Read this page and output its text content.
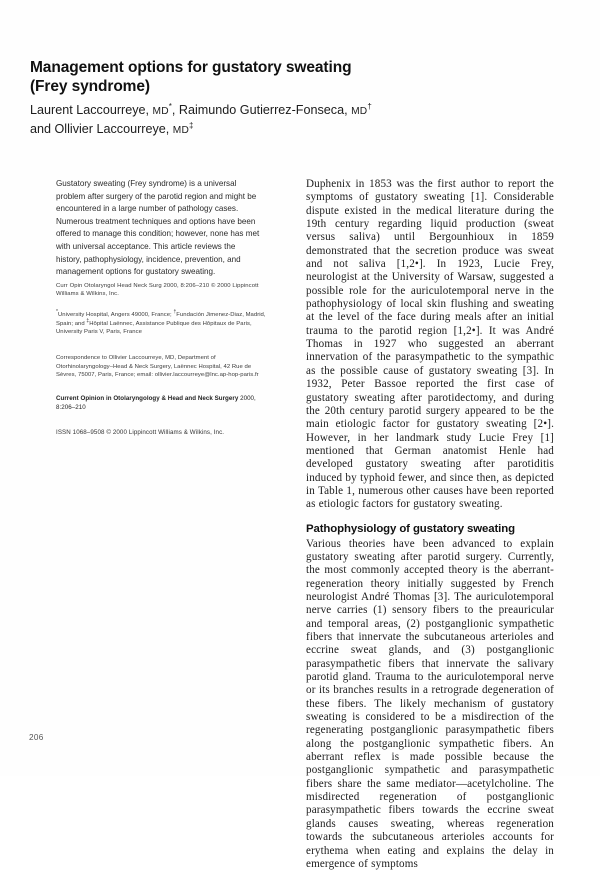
Management options for gustatory sweating
(Frey syndrome)

Laurent Laccourreye, MD*, Raimundo Gutierrez-Fonseca, MD†
and Ollivier Laccourreye, MD‡

Gustatory sweating (Frey syndrome) is a universal problem after surgery of the parotid region and might be encountered in a large number of pathology cases. Numerous treatment techniques and options have been offered to manage this condition; however, none has met with universal acceptance. This article reviews the history, pathophysiology, incidence, prevention, and management options for gustatory sweating.

Curr Opin Otolaryngol Head Neck Surg 2000, 8:206–210 © 2000 Lippincott Williams & Wilkins, Inc.

*University Hospital, Angers 49000, France; †Fundación Jimenez-Diaz, Madrid, Spain; and ‡Hôpital Laënnec, Assistance Publique des Hôpitaux de Paris, University Paris V, Paris, France

Correspondence to Ollivier Laccourreye, MD, Department of Otorhinolaryngology–Head & Neck Surgery, Laënnec Hospital, 42 Rue de Sèvres, 75007, Paris, France; email: ollivier.laccourreye@lnc.ap-hop-paris.fr

Current Opinion in Otolaryngology & Head and Neck Surgery 2000, 8:206–210

ISSN 1068–9508 © 2000 Lippincott Williams & Wilkins, Inc.

Duphenix in 1853 was the first author to report the symptoms of gustatory sweating [1]. Considerable dispute existed in the medical literature during the 19th century regarding liquid production (sweat versus saliva) until Bergounhioux in 1859 demonstrated that the secretion produce was sweat and not saliva [1,2•]. In 1923, Lucie Frey, neurologist at the University of Warsaw, suggested a possible role for the auriculotemporal nerve in the pathophysiology of local skin flushing and sweating at the level of the face during meals after an initial trauma to the parotid region [1,2•]. It was André Thomas in 1927 who suggested an aberrant innervation of the parasympathetic to the sympathic as the possible cause of gustatory sweating [3]. In 1932, Peter Bassoe reported the first case of gustatory sweating after parotidectomy, and during the 20th century parotid surgery appeared to be the main etiologic factor for gustatory sweating [2•]. However, in her landmark study Lucie Frey [1] mentioned that German anatomist Henle had developed gustatory sweating after parotiditis induced by typhoid fewer, and since then, as depicted in Table 1, numerous other causes have been reported as etiologic factors for gustatory sweating.

Pathophysiology of gustatory sweating

Various theories have been advanced to explain gustatory sweating after parotid surgery. Currently, the most commonly accepted theory is the aberrant-regeneration theory initially suggested by French neurologist André Thomas [3]. The auriculotemporal nerve carries (1) sensory fibers to the preauricular and temporal areas, (2) postganglionic sympathetic fibers that innervate the subcutaneous arterioles and eccrine sweat glands, and (3) postganglionic parasympathetic fibers that innervate the salivary parotid gland. Trauma to the auriculotemporal nerve or its branches results in a retrograde degeneration of these fibers. The likely mechanism of gustatory sweating is considered to be a misdirection of the regenerating postganglionic parasympathetic fibers along the postganglionic sympathetic fibers. An aberrant reflex is made possible because the postganglionic sympathetic and parasympathetic fibers share the same mediator—acetylcholine. The misdirected regeneration of postganglionic parasympathetic fibers towards the eccrine sweat glands causes sweating, whereas regeneration towards the subcutaneous arterioles accounts for erythema when eating and explains the delay in emergence of symptoms

206
